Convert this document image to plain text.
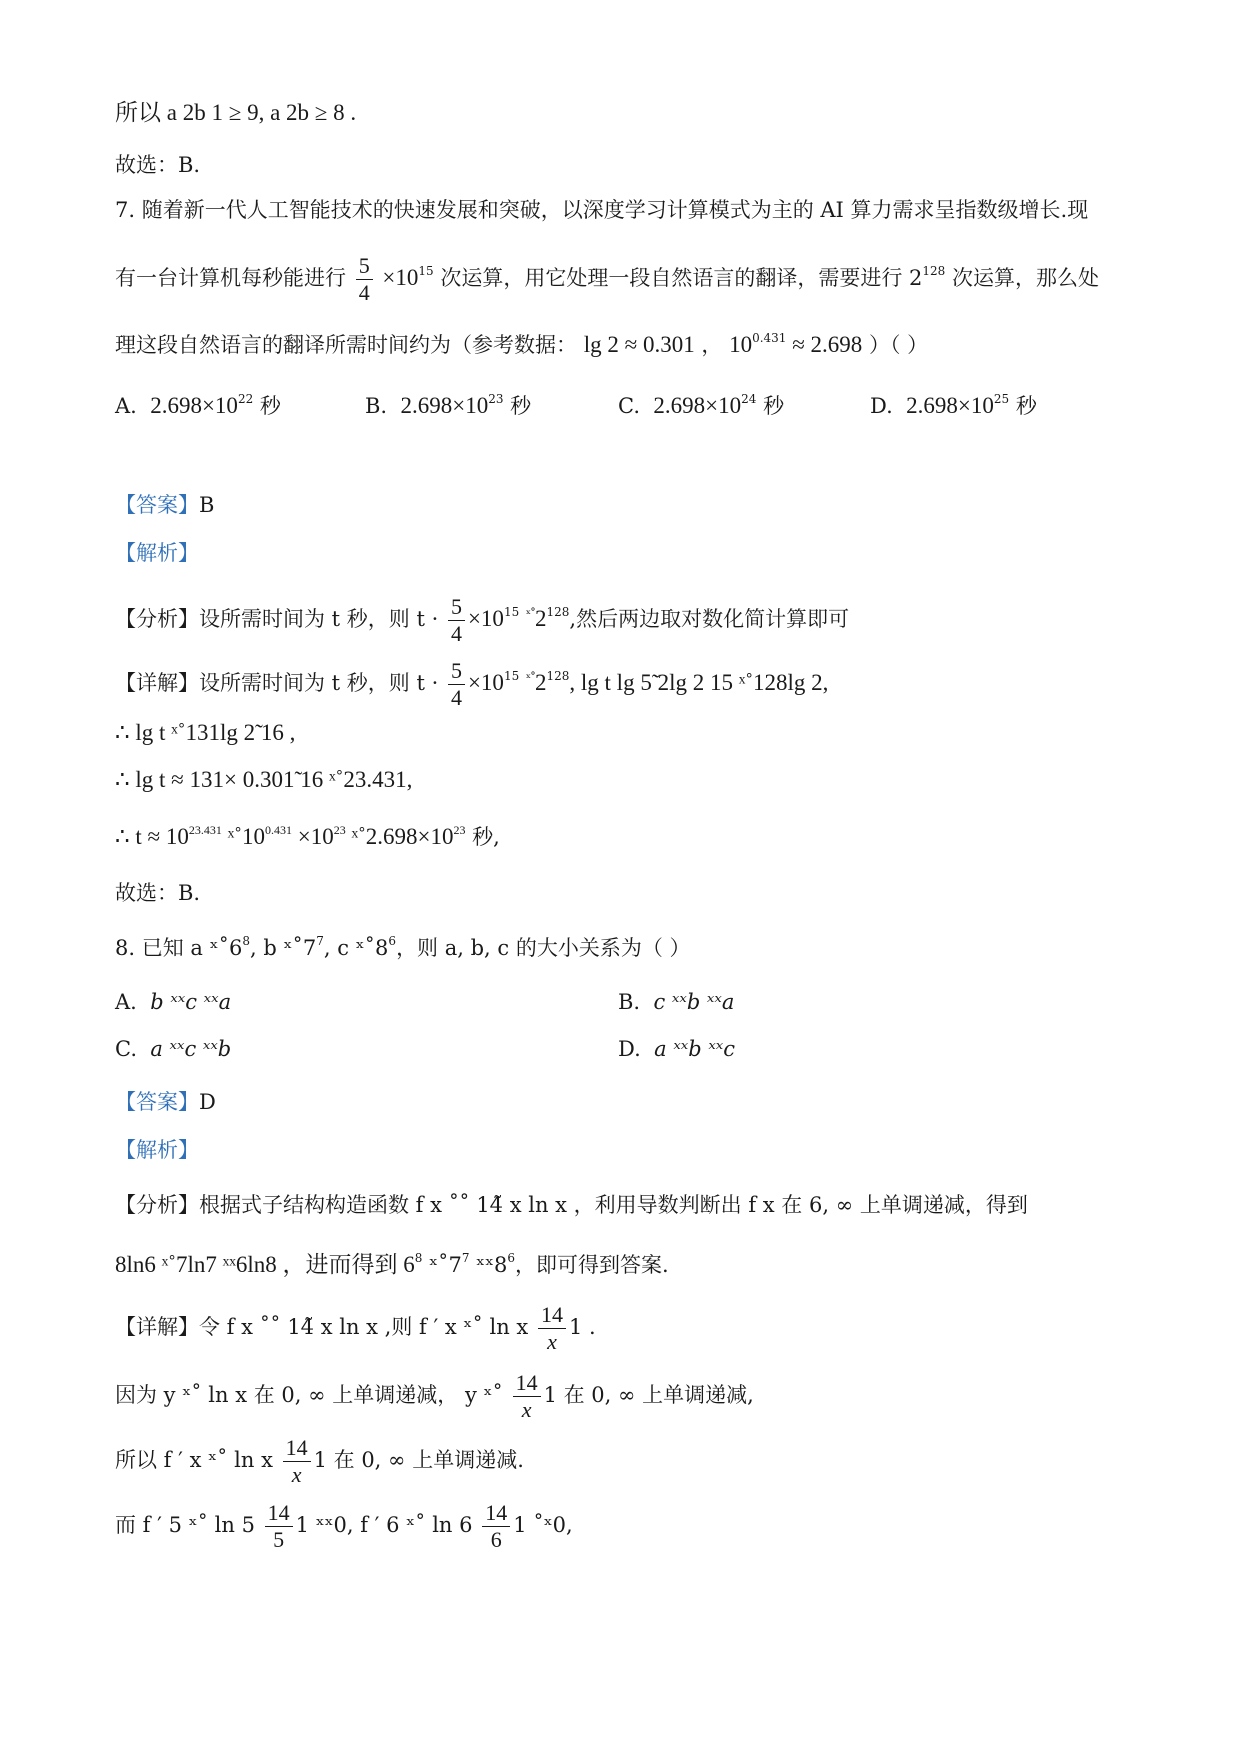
所以 a 2b 1 ≥ 9, a 2b ≥ 8 .
故选：B.
7. 随着新一代人工智能技术的快速发展和突破，以深度学习计算模式为主的 AI 算力需求呈指数级增长.现
有一台计算机每秒能进行 $\frac{5}{4} \times 10^{15}$ 次运算，用它处理一段自然语言的翻译，需要进行 $2^{128}$ 次运算，那么处
理这段自然语言的翻译所需时间约为（参考数据： lg 2 ≈ 0.301 ， $10^{0.431} \approx 2.698$ ）（ ）
A. $2.698\times 10^{22}$ 秒	B. $2.698\times 10^{23}$ 秒	C. $2.698\times 10^{24}$ 秒	D. $2.698\times 10^{25}$ 秒
【答案】B
【解析】
【分析】设所需时间为 t 秒，则 $t \cdot \frac{5}{4} \times 10^{15}$ $^{ˣ˚}2^{128}$,然后两边取对数化简计算即可
【详解】设所需时间为 t 秒，则 $t \cdot \frac{5}{4} \times 10^{15}$ $^{ˣ˚}2^{128}$, lg t lg 5̃ 2lg 2 15 ˣ˚128lg 2,
∴ lg t ˣ˚131lg 2̃ 16 ,
∴ lg t ≈ 131× 0.301̃ 16 ˣ˚23.431,
∴ $t \approx 10^{23.431}$ $ˣ˚10^{0.431} \times 10^{23}$ $ˣ˚2.698\times 10^{23}$ 秒,
故选：B.
8. 已知 a $ˣ˚6^8$, b $ˣ˚7^7$, c $ˣ˚8^6$，则 a, b, c 的大小关系为（ ）
A. b ˣˣc ˣˣa	B. c ˣˣb ˣˣa
C. a ˣˣc ˣˣb	D. a ˣˣb ˣˣc
【答案】D
【解析】
【分析】根据式子结构构造函数 f x ˚˚ 14̃ x ln x ，利用导数判断出 f x 在 6, ∞ 上单调递减，得到
8ln6 ˣ˚7ln7 ˣˣ6ln8 ，进而得到 $6^8$ $ˣ˚7^7$ $ˣˣ8^6$，即可得到答案.
【详解】令 f x ˚˚ 14̃ x ln x ,则 f ′ x ˣ˚ ln x $\frac{14}{x} 1$ .
因为 y ˣ˚ ln x 在 0, ∞ 上单调递减， y ˣ˚ $\frac{14}{x} 1$ 在 0, ∞ 上单调递减,
所以 f ′ x ˣ˚ ln x $\frac{14}{x} 1$ 在 0, ∞ 上单调递减.
而 f ′ 5 ˣ˚ $\ln 5 \frac{14}{5} 1$ ˣˣ0, f ′ 6 ˣ˚ $\ln 6 \frac{14}{6} 1$ ˚ˣ0,
